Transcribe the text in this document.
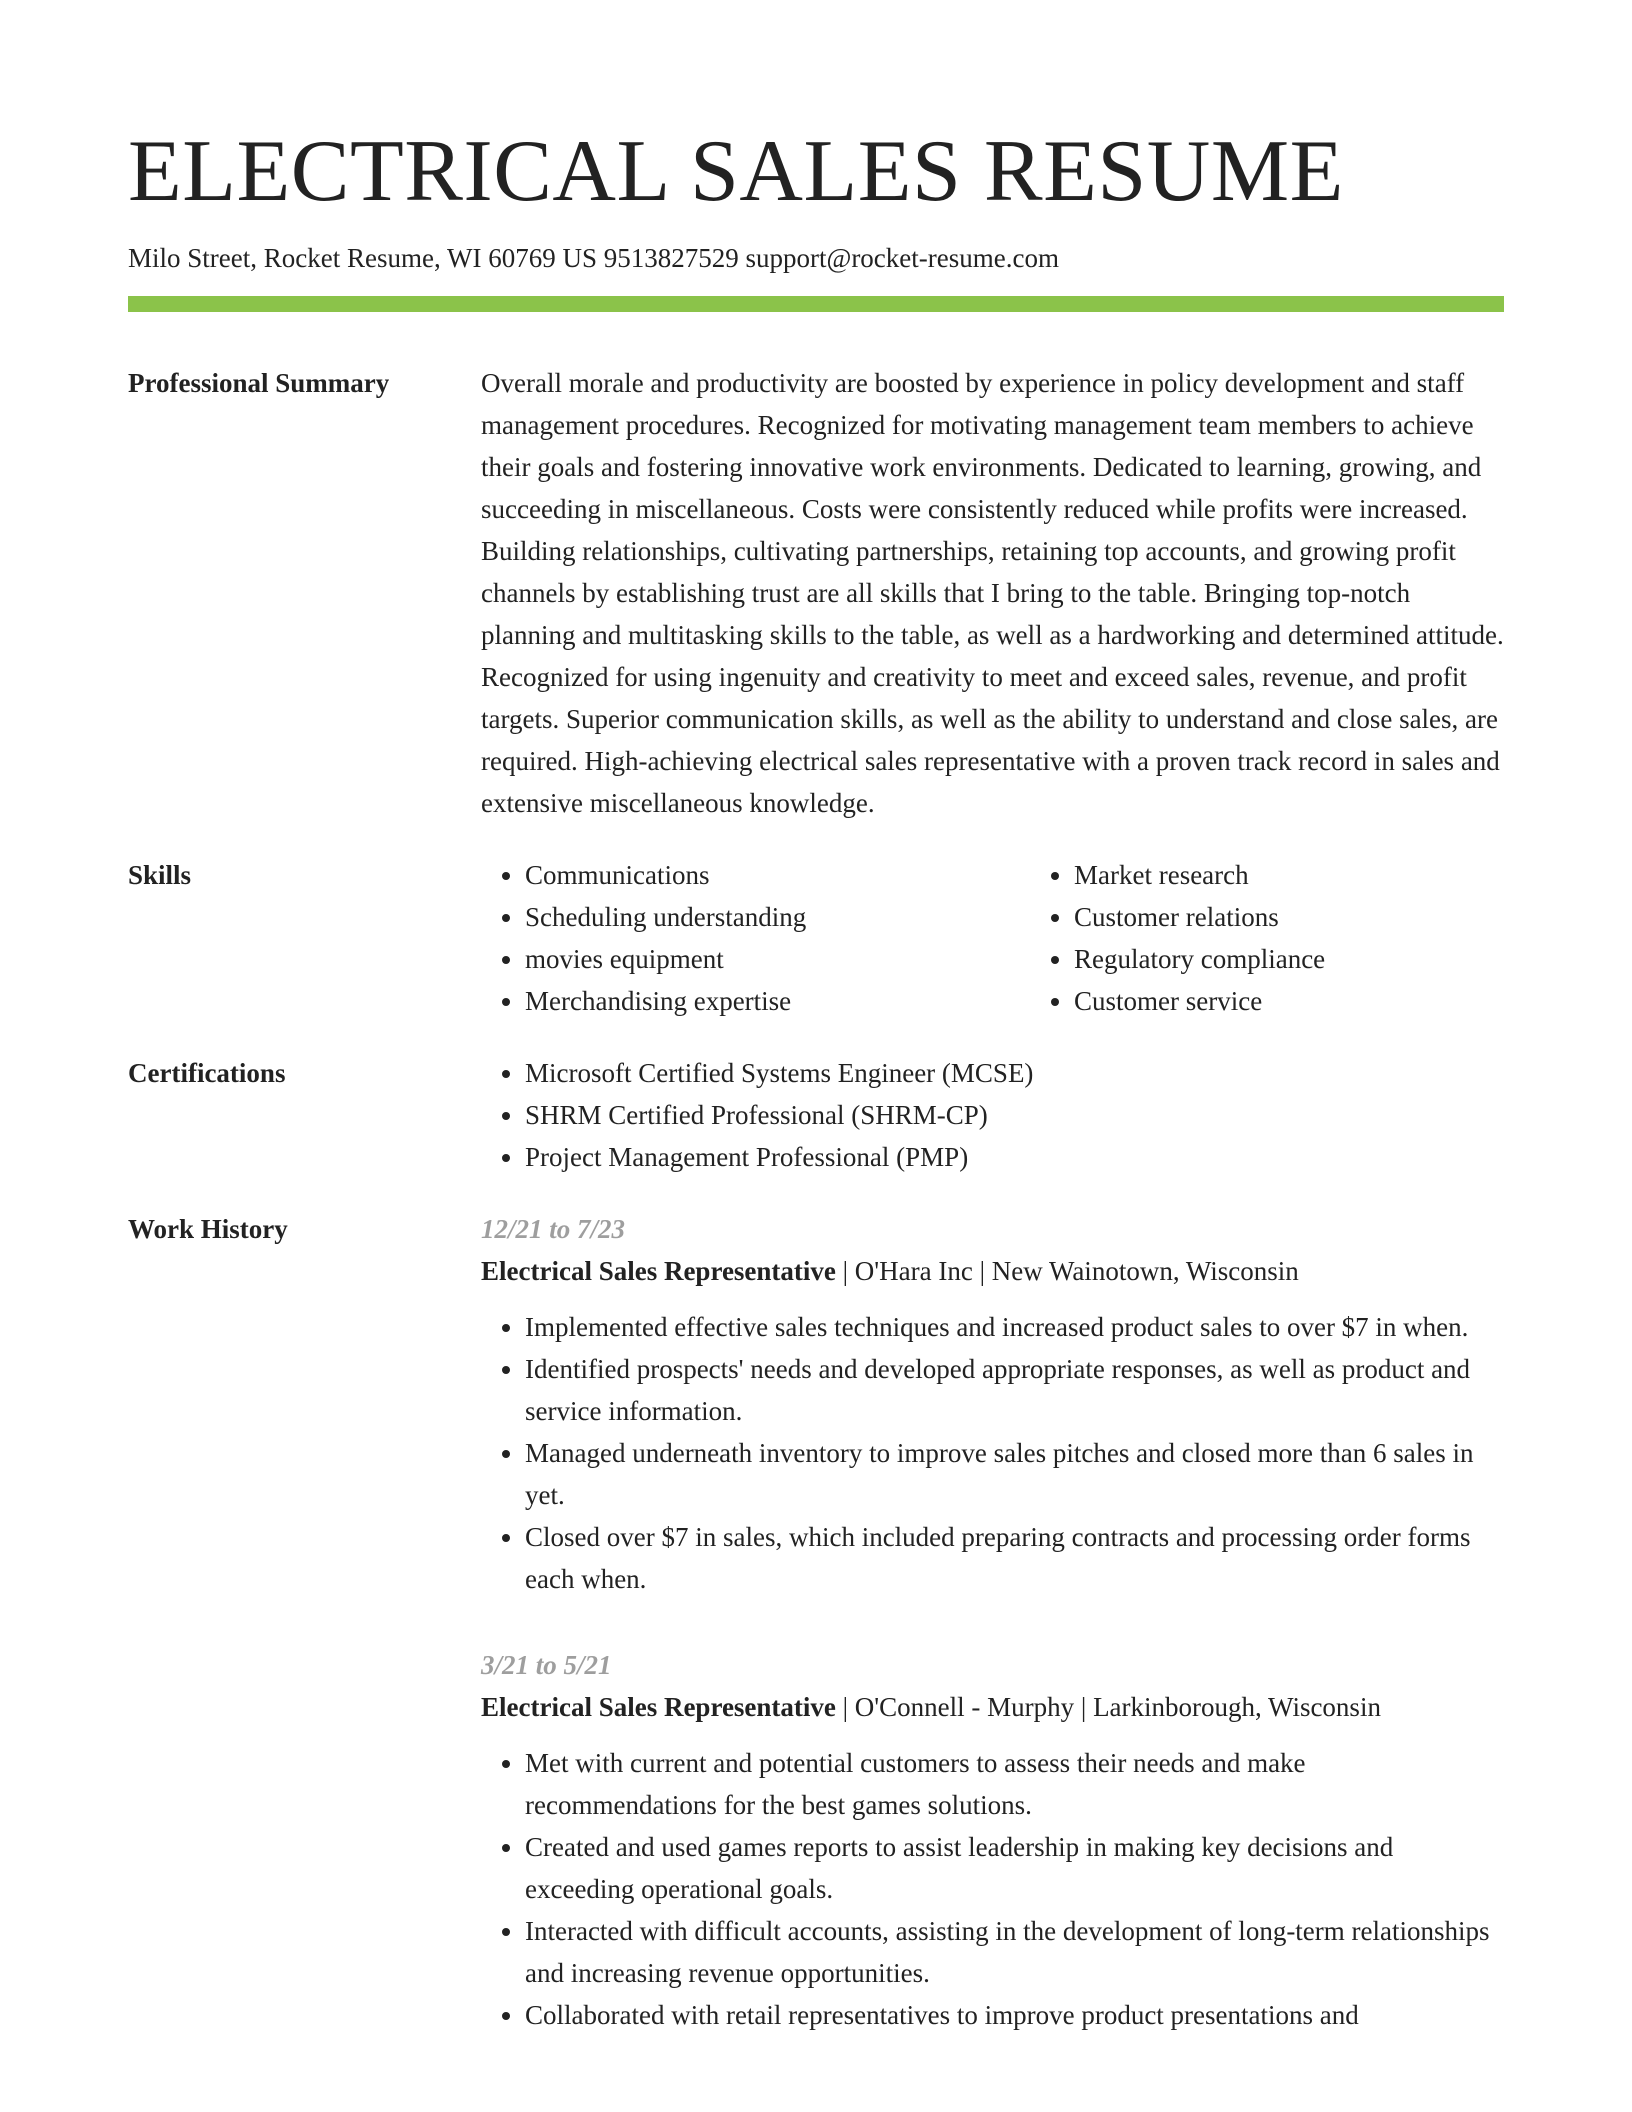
ELECTRICAL SALES RESUME
Milo Street, Rocket Resume, WI 60769 US 9513827529 support@rocket-resume.com
Professional Summary	Overall morale and productivity are boosted by experience in policy development and staff management procedures. Recognized for motivating management team members to achieve their goals and fostering innovative work environments. Dedicated to learning, growing, and succeeding in miscellaneous. Costs were consistently reduced while profits were increased. Building relationships, cultivating partnerships, retaining top accounts, and growing profit channels by establishing trust are all skills that I bring to the table. Bringing top-notch planning and multitasking skills to the table, as well as a hardworking and determined attitude. Recognized for using ingenuity and creativity to meet and exceed sales, revenue, and profit targets. Superior communication skills, as well as the ability to understand and close sales, are required. High-achieving electrical sales representative with a proven track record in sales and extensive miscellaneous knowledge.

Skills	• Communications
• Scheduling understanding
• movies equipment
• Merchandising expertise
• Market research
• Customer relations
• Regulatory compliance
• Customer service
Certifications	• Microsoft Certified Systems Engineer (MCSE)
• SHRM Certified Professional (SHRM-CP)
• Project Management Professional (PMP)
Work History	12/21 to 7/23
Electrical Sales Representative | O'Hara Inc | New Wainotown, Wisconsin
• Implemented effective sales techniques and increased product sales to over $7 in when.
• Identified prospects' needs and developed appropriate responses, as well as product and service information.
• Managed underneath inventory to improve sales pitches and closed more than 6 sales in yet.
• Closed over $7 in sales, which included preparing contracts and processing order forms each when.
3/21 to 5/21
Electrical Sales Representative | O'Connell - Murphy | Larkinborough, Wisconsin
• Met with current and potential customers to assess their needs and make recommendations for the best games solutions.
• Created and used games reports to assist leadership in making key decisions and exceeding operational goals.
• Interacted with difficult accounts, assisting in the development of long-term relationships and increasing revenue opportunities.
• Collaborated with retail representatives to improve product presentations and
